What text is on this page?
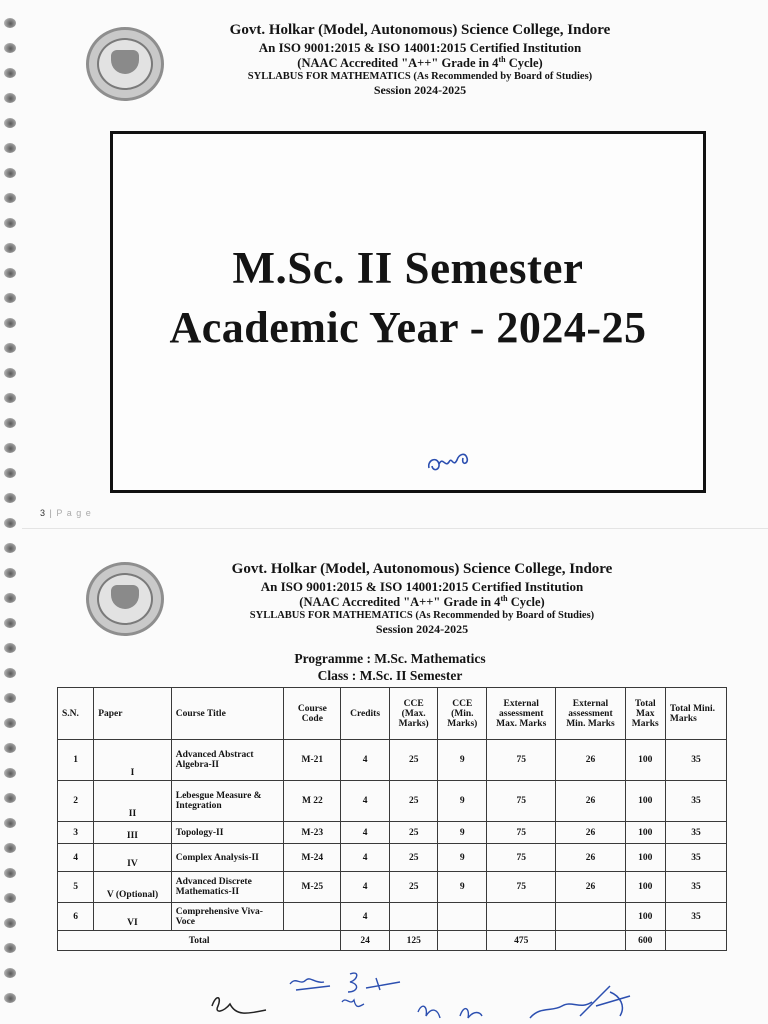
Govt. Holkar (Model, Autonomous) Science College, Indore
An ISO 9001:2015 & ISO 14001:2015 Certified Institution
(NAAC Accredited "A++" Grade in 4th Cycle)
SYLLABUS FOR MATHEMATICS (As Recommended by Board of Studies)
Session 2024-2025
M.Sc. II Semester
Academic Year - 2024-25
3 | P a g e
Govt. Holkar (Model, Autonomous) Science College, Indore
An ISO 9001:2015 & ISO 14001:2015 Certified Institution
(NAAC Accredited "A++" Grade in 4th Cycle)
SYLLABUS FOR MATHEMATICS (As Recommended by Board of Studies)
Session 2024-2025
Programme : M.Sc. Mathematics
Class : M.Sc. II Semester
S.N.	Paper	Course Title	Course Code	Credits	CCE (Max. Marks)	CCE (Min. Marks)	External assessment Max. Marks	External assessment Min. Marks	Total Max Marks	Total Mini. Marks
1	I	Advanced Abstract Algebra-II	M-21	4	25	9	75	26	100	35
2	II	Lebesgue Measure & Integration	M 22	4	25	9	75	26	100	35
3	III	Topology-II	M-23	4	25	9	75	26	100	35
4	IV	Complex Analysis-II	M-24	4	25	9	75	26	100	35
5	V (Optional)	Advanced Discrete Mathematics-II	M-25	4	25	9	75	26	100	35
6	VI	Comprehensive Viva-Voce		4					100	35
Total				24	125		475		600	
